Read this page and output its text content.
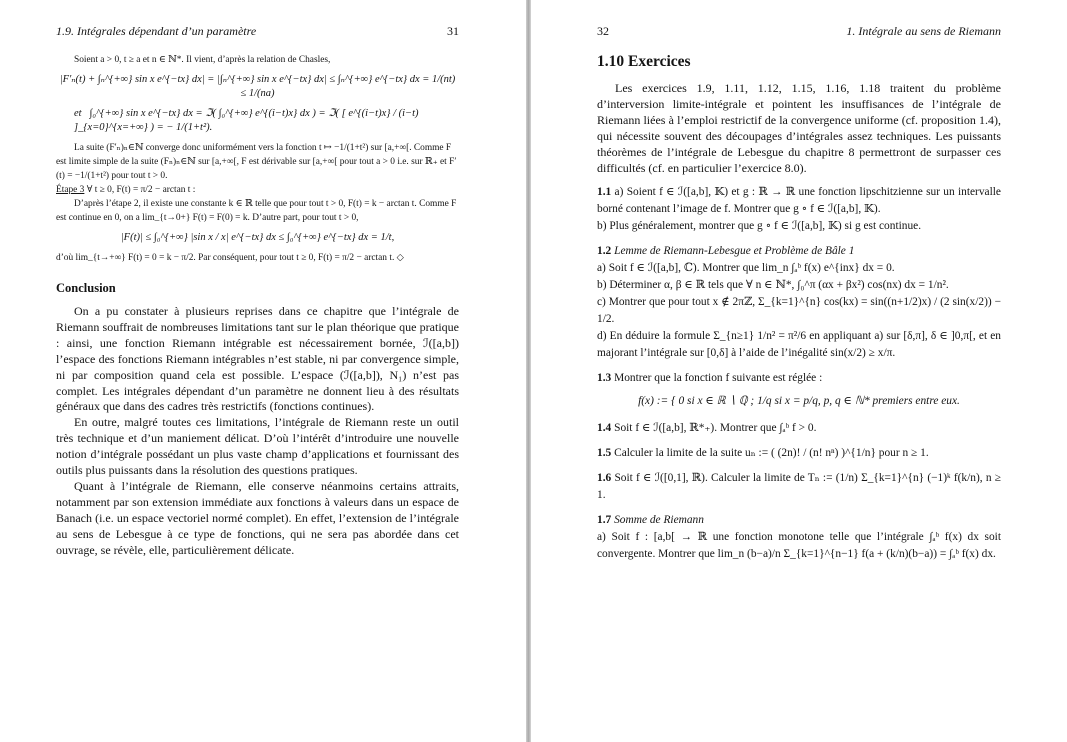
1.9. Intégrales dépendant d’un paramètre	31

Soient a > 0, t ≥ a et n ∈ ℕ*. Il vient, d’après la relation de Chasles,

|F′ₙ(t) + ∫ₙ^{+∞} sin x e^{−tx} dx| = |∫ₙ^{+∞} sin x e^{−tx} dx| ≤ ∫ₙ^{+∞} e^{−tx} dx = 1/(nt) ≤ 1/(na)
et ∫₀^{+∞} sin x e^{−tx} dx = ℑ( ∫₀^{+∞} e^{(i−t)x} dx ) = ℑ( [ e^{(i−t)x} / (i−t) ]_{x=0}^{x=+∞} ) = − 1/(1+t²).

La suite (F′ₙ)ₙ∈ℕ converge donc uniformément vers la fonction t ↦ −1/(1+t²) sur [a,+∞[. Comme F est limite simple de la suite (Fₙ)ₙ∈ℕ sur [a,+∞[, F est dérivable sur [a,+∞[ pour tout a > 0 i.e. sur ℝ₊ et F′(t) = −1/(1+t²) pour tout t > 0.

Étape 3 ∀ t ≥ 0, F(t) = π/2 − arctan t :

D’après l’étape 2, il existe une constante k ∈ ℝ telle que pour tout t > 0, F(t) = k − arctan t. Comme F est continue en 0, on a lim_{t→0+} F(t) = F(0) = k. D’autre part, pour tout t > 0,

|F(t)| ≤ ∫₀^{+∞} |sin x / x| e^{−tx} dx ≤ ∫₀^{+∞} e^{−tx} dx = 1/t,

d’où lim_{t→+∞} F(t) = 0 = k − π/2. Par conséquent, pour tout t ≥ 0, F(t) = π/2 − arctan t. ◇

Conclusion

On a pu constater à plusieurs reprises dans ce chapitre que l’intégrale de Riemann souffrait de nombreuses limitations tant sur le plan théorique que pratique : ainsi, une fonction Riemann intégrable est nécessairement bornée, ℐ([a,b]) l’espace des fonctions Riemann intégrables n’est stable, ni par convergence simple, ni par composition quand cela est possible. L’espace (ℐ([a,b]), N₁) n’est pas complet. Les intégrales dépendant d’un paramètre ne donnent lieu à des résultats généraux que dans des cadres très restrictifs (fonctions continues).

En outre, malgré toutes ces limitations, l’intégrale de Riemann reste un outil très technique et d’un maniement délicat. D’où l’intérêt d’introduire une nouvelle notion d’intégrale possédant un plus vaste champ d’applications et fournissant des outils plus puissants dans la résolution des questions pratiques.

Quant à l’intégrale de Riemann, elle conserve néanmoins certains attraits, notamment par son extension immédiate aux fonctions à valeurs dans un espace de Banach (i.e. un espace vectoriel normé complet). En effet, l’extension de l’intégrale au sens de Lebesgue à ce type de fonctions, qui ne sera pas abordée dans cet ouvrage, se révèle, elle, particulièrement délicate.

32	1. Intégrale au sens de Riemann
1.10 Exercices

Les exercices 1.9, 1.11, 1.12, 1.15, 1.16, 1.18 traitent du problème d’interversion limite-intégrale et pointent les insuffisances de l’intégrale de Riemann liées à l’emploi restrictif de la convergence uniforme (cf. proposition 1.4), qui nécessite souvent des découpages d’intégrales assez techniques. Les puissants théorèmes de l’intégrale de Lebesgue du chapitre 8 permettront de surpasser ces difficultés (cf. en particulier l’exercice 8.0).

1.1 a) Soient f ∈ ℐ([a,b], 𝕂) et g : ℝ → ℝ une fonction lipschitzienne sur un intervalle borné contenant l’image de f. Montrer que g ∘ f ∈ ℐ([a,b], 𝕂).
b) Plus généralement, montrer que g ∘ f ∈ ℐ([a,b], 𝕂) si g est continue.
1.2 Lemme de Riemann-Lebesgue et Problème de Bâle 1
a) Soit f ∈ ℐ([a,b], ℂ). Montrer que lim_n ∫ₐᵇ f(x) e^{inx} dx = 0.
b) Déterminer α, β ∈ ℝ tels que ∀ n ∈ ℕ*, ∫₀^π (αx + βx²) cos(nx) dx = 1/n².
c) Montrer que pour tout x ∉ 2πℤ, Σ_{k=1}^{n} cos(kx) = sin((n+1/2)x) / (2 sin(x/2)) − 1/2.
d) En déduire la formule Σ_{n≥1} 1/n² = π²/6 en appliquant a) sur [δ,π], δ ∈ ]0,π[, et en majorant l’intégrale sur [0,δ] à l’aide de l’inégalité sin(x/2) ≥ x/π.
1.3 Montrer que la fonction f suivante est réglée :
f(x) := { 0 si x ∈ ℝ ∖ ℚ ; 1/q si x = p/q, p, q ∈ ℕ* premiers entre eux.
1.4 Soit f ∈ ℐ([a,b], ℝ*₊). Montrer que ∫ₐᵇ f > 0.
1.5 Calculer la limite de la suite uₙ := ( (2n)! / (n! nⁿ) )^{1/n} pour n ≥ 1.
1.6 Soit f ∈ ℐ([0,1], ℝ). Calculer la limite de Tₙ := (1/n) Σ_{k=1}^{n} (−1)ᵏ f(k/n), n ≥ 1.
1.7 Somme de Riemann
a) Soit f : [a,b[ → ℝ une fonction monotone telle que l’intégrale ∫ₐᵇ f(x) dx soit convergente. Montrer que lim_n (b−a)/n Σ_{k=1}^{n−1} f(a + (k/n)(b−a)) = ∫ₐᵇ f(x) dx.
